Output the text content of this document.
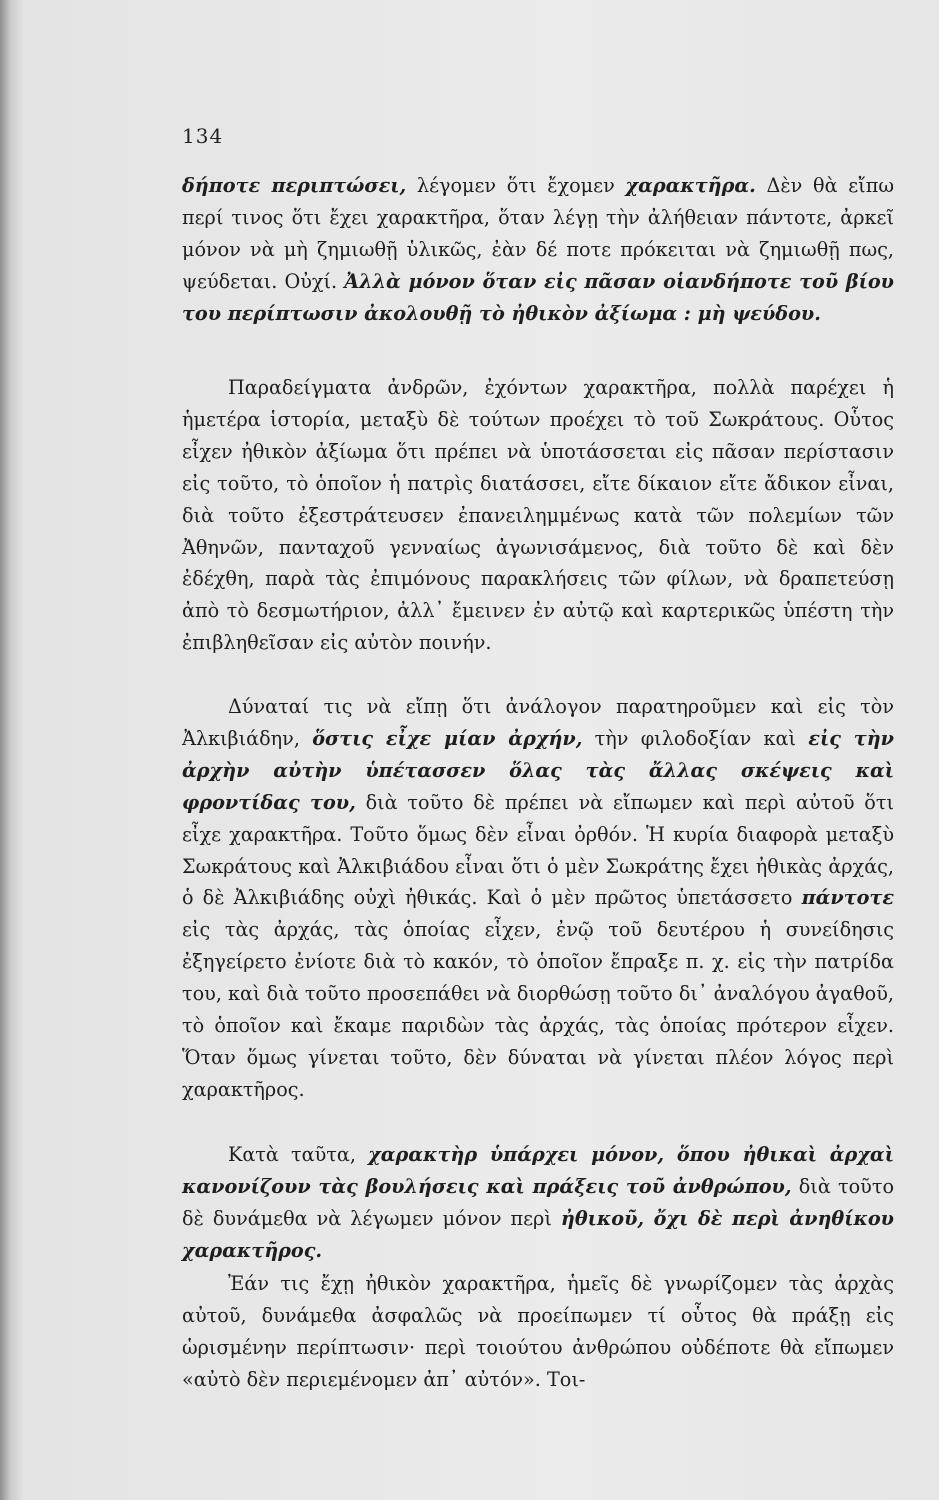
134

δήποτε περιπτώσει, λέγομεν ὅτι ἔχομεν χαρακτῆρα. Δὲν θὰ εἴπω περί τινος ὅτι ἔχει χαρακτῆρα, ὅταν λέγῃ τὴν ἀλήθειαν πάντοτε, ἀρκεῖ μόνον νὰ μὴ ζημιωθῇ ὑλικῶς, ἐὰν δέ ποτε πρόκειται νὰ ζημιωθῇ πως, ψεύδεται. Οὐχί. Ἀλλὰ μόνον ὅταν εἰς πᾶσαν οἱανδήποτε τοῦ βίου του περίπτωσιν ἀκολουθῇ τὸ ἠθικὸν ἀξίωμα : μὴ ψεύδου.

Παραδείγματα ἀνδρῶν, ἐχόντων χαρακτῆρα, πολλὰ παρέχει ἡ ἡμετέρα ἱστορία, μεταξὺ δὲ τούτων προέχει τὸ τοῦ Σωκράτους. Οὗτος εἶχεν ἠθικὸν ἀξίωμα ὅτι πρέπει νὰ ὑποτάσσεται εἰς πᾶσαν περίστασιν εἰς τοῦτο, τὸ ὁποῖον ἡ πατρὶς διατάσσει, εἴτε δίκαιον εἴτε ἄδικον εἶναι, διὰ τοῦτο ἐξεστράτευσεν ἐπανειλημμένως κατὰ τῶν πολεμίων τῶν Ἀθηνῶν, πανταχοῦ γενναίως ἀγωνισάμενος, διὰ τοῦτο δὲ καὶ δὲν ἐδέχθη, παρὰ τὰς ἐπιμόνους παρακλήσεις τῶν φίλων, νὰ δραπετεύσῃ ἀπὸ τὸ δεσμωτήριον, ἀλλ᾽ ἔμεινεν ἐν αὐτῷ καὶ καρτερικῶς ὑπέστη τὴν ἐπιβληθεῖσαν εἰς αὐτὸν ποινήν.

Δύναταί τις νὰ εἴπῃ ὅτι ἀνάλογον παρατηροῦμεν καὶ εἰς τὸν Ἀλκιβιάδην, ὅστις εἶχε μίαν ἀρχήν, τὴν φιλοδοξίαν καὶ εἰς τὴν ἀρχὴν αὐτὴν ὑπέτασσεν ὅλας τὰς ἄλλας σκέψεις καὶ φροντίδας του, διὰ τοῦτο δὲ πρέπει νὰ εἴπωμεν καὶ περὶ αὐτοῦ ὅτι εἶχε χαρακτῆρα. Τοῦτο ὅμως δὲν εἶναι ὀρθόν. Ἡ κυρία διαφορὰ μεταξὺ Σωκράτους καὶ Ἀλκιβιάδου εἶναι ὅτι ὁ μὲν Σωκράτης ἔχει ἠθικὰς ἀρχάς, ὁ δὲ Ἀλκιβιάδης οὐχὶ ἠθικάς. Καὶ ὁ μὲν πρῶτος ὑπετάσσετο πάντοτε εἰς τὰς ἀρχάς, τὰς ὁποίας εἶχεν, ἐνῷ τοῦ δευτέρου ἡ συνείδησις ἐξηγείρετο ἐνίοτε διὰ τὸ κακόν, τὸ ὁποῖον ἔπραξε π. χ. εἰς τὴν πατρίδα του, καὶ διὰ τοῦτο προσεπάθει νὰ διορθώσῃ τοῦτο δι᾽ ἀναλόγου ἀγαθοῦ, τὸ ὁποῖον καὶ ἔκαμε παριδὼν τὰς ἀρχάς, τὰς ὁποίας πρότερον εἶχεν. Ὅταν ὅμως γίνεται τοῦτο, δὲν δύναται νὰ γίνεται πλέον λόγος περὶ χαρακτῆρος.

Κατὰ ταῦτα, χαρακτὴρ ὑπάρχει μόνον, ὅπου ἠθικαὶ ἀρχαὶ κανονίζουν τὰς βουλήσεις καὶ πράξεις τοῦ ἀνθρώπου, διὰ τοῦτο δὲ δυνάμεθα νὰ λέγωμεν μόνον περὶ ἠθικοῦ, ὄχι δὲ περὶ ἀνηθίκου χαρακτῆρος.

Ἐάν τις ἔχῃ ἠθικὸν χαρακτῆρα, ἡμεῖς δὲ γνωρίζομεν τὰς ἀρχὰς αὐτοῦ, δυνάμεθα ἀσφαλῶς νὰ προείπωμεν τί οὗτος θὰ πράξῃ εἰς ὡρισμένην περίπτωσιν· περὶ τοιούτου ἀνθρώπου οὐδέποτε θὰ εἴπωμεν «αὐτὸ δὲν περιεμένομεν ἀπ᾽ αὐτόν». Τοι-
